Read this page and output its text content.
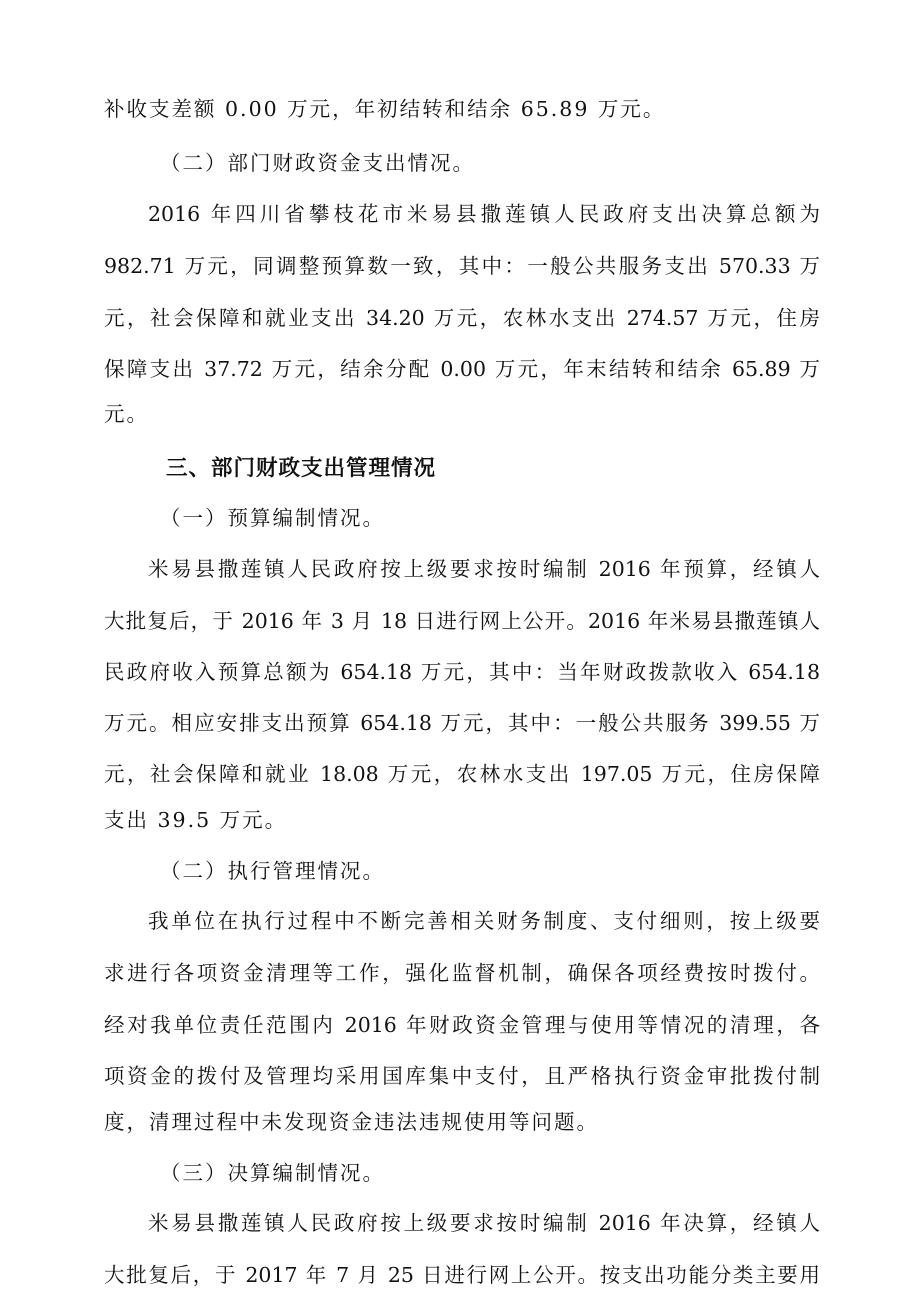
补收支差额 0.00 万元，年初结转和结余 65.89 万元。
（二）部门财政资金支出情况。
2016 年四川省攀枝花市米易县撒莲镇人民政府支出决算总额为
982.71 万元，同调整预算数一致，其中：一般公共服务支出 570.33 万
元，社会保障和就业支出 34.20 万元，农林水支出 274.57 万元，住房
保障支出 37.72 万元，结余分配 0.00 万元，年末结转和结余 65.89 万
元。
三、部门财政支出管理情况
（一）预算编制情况。
米易县撒莲镇人民政府按上级要求按时编制 2016 年预算，经镇人
大批复后，于 2016 年 3 月 18 日进行网上公开。2016 年米易县撒莲镇人
民政府收入预算总额为 654.18 万元，其中：当年财政拨款收入 654.18
万元。相应安排支出预算 654.18 万元，其中：一般公共服务 399.55 万
元，社会保障和就业 18.08 万元，农林水支出 197.05 万元，住房保障
支出 39.5 万元。
（二）执行管理情况。
我单位在执行过程中不断完善相关财务制度、支付细则，按上级要
求进行各项资金清理等工作，强化监督机制，确保各项经费按时拨付。
经对我单位责任范围内 2016 年财政资金管理与使用等情况的清理，各
项资金的拨付及管理均采用国库集中支付，且严格执行资金审批拨付制
度，清理过程中未发现资金违法违规使用等问题。
（三）决算编制情况。
米易县撒莲镇人民政府按上级要求按时编制 2016 年决算，经镇人
大批复后，于 2017 年 7 月 25 日进行网上公开。按支出功能分类主要用
